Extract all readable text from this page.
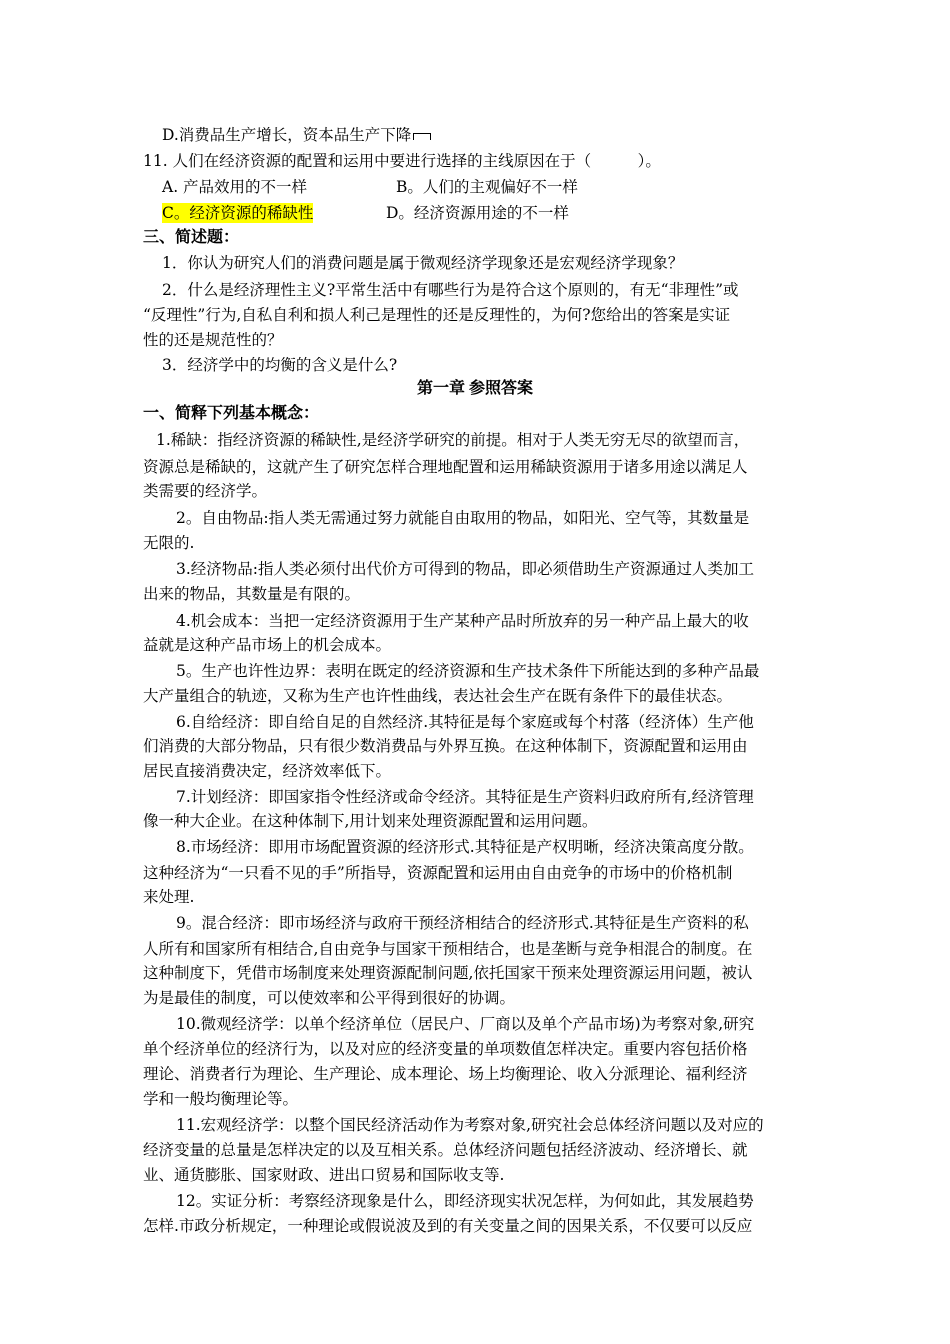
D.消费品生产增长，资本品生产下降
11. 人们在经济资源的配置和运用中要进行选择的主线原因在于（　　　）。
A. 产品效用的不一样	B。人们的主观偏好不一样
C。经济资源的稀缺性	D。经济资源用途的不一样
三、简述题：
1．你认为研究人们的消费问题是属于微观经济学现象还是宏观经济学现象？
2．什么是经济理性主义?平常生活中有哪些行为是符合这个原则的，有无“非理性”或
“反理性”行为,自私自利和损人利己是理性的还是反理性的，为何?您给出的答案是实证
性的还是规范性的？
3．经济学中的均衡的含义是什么?
第一章 参照答案
一、简释下列基本概念：
1.稀缺：指经济资源的稀缺性,是经济学研究的前提。相对于人类无穷无尽的欲望而言，
资源总是稀缺的，这就产生了研究怎样合理地配置和运用稀缺资源用于诸多用途以满足人
类需要的经济学。
2。自由物品:指人类无需通过努力就能自由取用的物品，如阳光、空气等，其数量是
无限的.
3.经济物品:指人类必须付出代价方可得到的物品，即必须借助生产资源通过人类加工
出来的物品，其数量是有限的。
4.机会成本：当把一定经济资源用于生产某种产品时所放弃的另一种产品上最大的收
益就是这种产品市场上的机会成本。
5。生产也许性边界：表明在既定的经济资源和生产技术条件下所能达到的多种产品最
大产量组合的轨迹，又称为生产也许性曲线，表达社会生产在既有条件下的最佳状态。
6.自给经济：即自给自足的自然经济.其特征是每个家庭或每个村落（经济体）生产他
们消费的大部分物品，只有很少数消费品与外界互换。在这种体制下，资源配置和运用由
居民直接消费决定，经济效率低下。
7.计划经济：即国家指令性经济或命令经济。其特征是生产资料归政府所有,经济管理
像一种大企业。在这种体制下,用计划来处理资源配置和运用问题。
8.市场经济：即用市场配置资源的经济形式.其特征是产权明晰，经济决策高度分散。
这种经济为“一只看不见的手”所指导，资源配置和运用由自由竞争的市场中的价格机制
来处理.
9。混合经济：即市场经济与政府干预经济相结合的经济形式.其特征是生产资料的私
人所有和国家所有相结合,自由竞争与国家干预相结合，也是垄断与竞争相混合的制度。在
这种制度下，凭借市场制度来处理资源配制问题,依托国家干预来处理资源运用问题，被认
为是最佳的制度，可以使效率和公平得到很好的协调。
10.微观经济学：以单个经济单位（居民户、厂商以及单个产品市场)为考察对象,研究
单个经济单位的经济行为，以及对应的经济变量的单项数值怎样决定。重要内容包括价格
理论、消费者行为理论、生产理论、成本理论、场上均衡理论、收入分派理论、福利经济
学和一般均衡理论等。
11.宏观经济学：以整个国民经济活动作为考察对象,研究社会总体经济问题以及对应的
经济变量的总量是怎样决定的以及互相关系。总体经济问题包括经济波动、经济增长、就
业、通货膨胀、国家财政、进出口贸易和国际收支等.
12。实证分析：考察经济现象是什么，即经济现实状况怎样，为何如此，其发展趋势
怎样.市政分析规定，一种理论或假说波及到的有关变量之间的因果关系，不仅要可以反应
